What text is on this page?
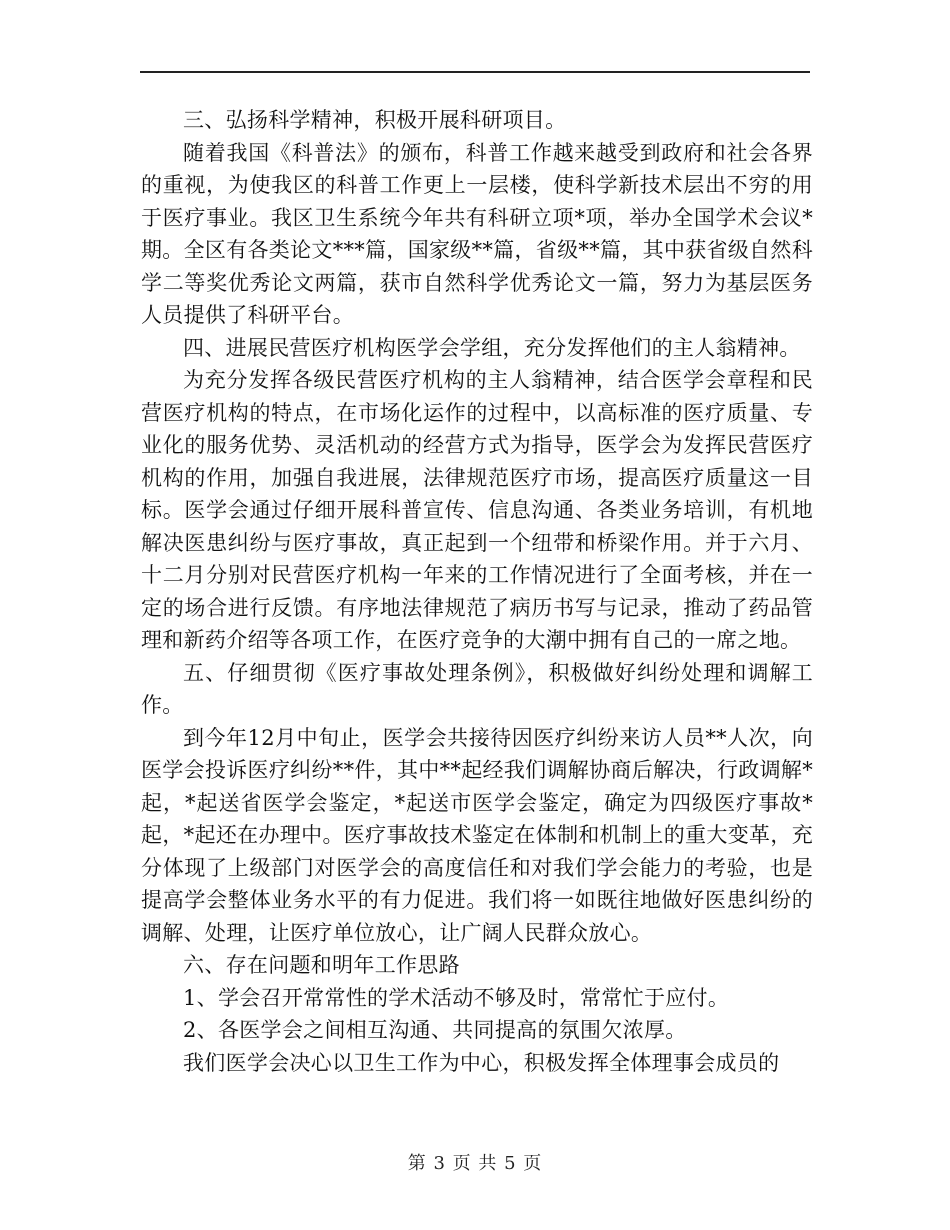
三、弘扬科学精神，积极开展科研项目。

随着我国《科普法》的颁布，科普工作越来越受到政府和社会各界的重视，为使我区的科普工作更上一层楼，使科学新技术层出不穷的用于医疗事业。我区卫生系统今年共有科研立项*项，举办全国学术会议*期。全区有各类论文***篇，国家级**篇，省级**篇，其中获省级自然科学二等奖优秀论文两篇，获市自然科学优秀论文一篇，努力为基层医务人员提供了科研平台。

四、进展民营医疗机构医学会学组，充分发挥他们的主人翁精神。

为充分发挥各级民营医疗机构的主人翁精神，结合医学会章程和民营医疗机构的特点，在市场化运作的过程中，以高标准的医疗质量、专业化的服务优势、灵活机动的经营方式为指导，医学会为发挥民营医疗机构的作用，加强自我进展，法律规范医疗市场，提高医疗质量这一目标。医学会通过仔细开展科普宣传、信息沟通、各类业务培训，有机地解决医患纠纷与医疗事故，真正起到一个纽带和桥梁作用。并于六月、十二月分别对民营医疗机构一年来的工作情况进行了全面考核，并在一定的场合进行反馈。有序地法律规范了病历书写与记录，推动了药品管理和新药介绍等各项工作，在医疗竞争的大潮中拥有自己的一席之地。

五、仔细贯彻《医疗事故处理条例》，积极做好纠纷处理和调解工作。

到今年12月中旬止，医学会共接待因医疗纠纷来访人员**人次，向医学会投诉医疗纠纷**件，其中**起经我们调解协商后解决，行政调解*起，*起送省医学会鉴定，*起送市医学会鉴定，确定为四级医疗事故*起，*起还在办理中。医疗事故技术鉴定在体制和机制上的重大变革，充分体现了上级部门对医学会的高度信任和对我们学会能力的考验，也是提高学会整体业务水平的有力促进。我们将一如既往地做好医患纠纷的调解、处理，让医疗单位放心，让广阔人民群众放心。

六、存在问题和明年工作思路

1、学会召开常常性的学术活动不够及时，常常忙于应付。

2、各医学会之间相互沟通、共同提高的氛围欠浓厚。

我们医学会决心以卫生工作为中心，积极发挥全体理事会成员的

第 3 页 共 5 页
